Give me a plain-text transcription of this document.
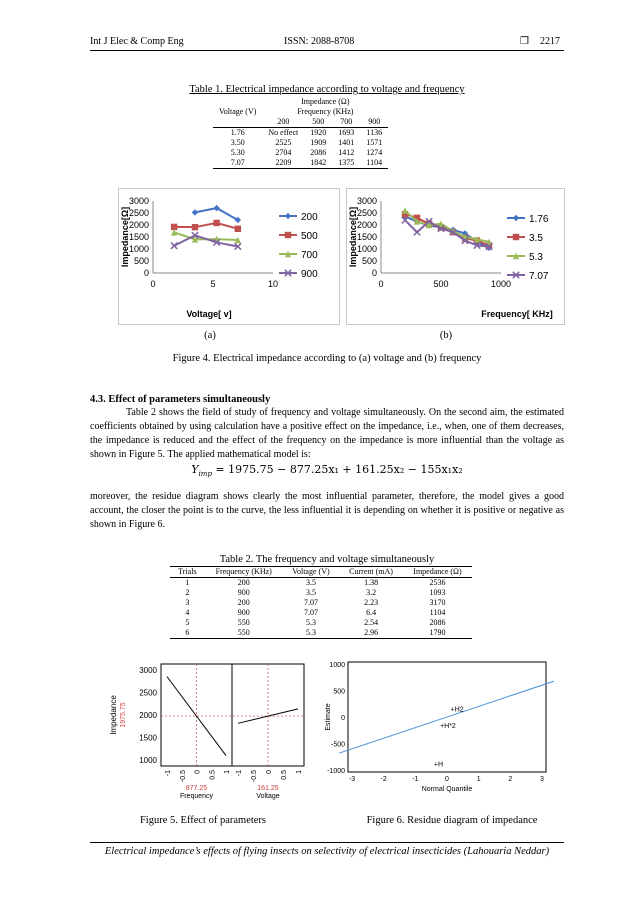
Int J Elec & Comp Eng	ISSN: 2088-8708	❒ 2217
Table 1. Electrical impedance according to voltage and frequency
	Impedance (Ω)			
Voltage (V)	Frequency (KHz)			
	200	500	700	900
1.76	No effect	1920	1693	1136
3.50	2525	1909	1401	1571
5.30	2704	2086	1412	1274
7.07	2209	1842	1375	1104
0
500
1000
1500
2000
2500
3000
0	5	10
Impedance[Ω]
Voltage[ v]
200
500
700
900	0
500
1000
1500
2000
2500
3000
0	500	1000
Impedance[Ω]
Frequency[ KHz]
1.76
3.5
5.3
7.07
(a)	(b)
Figure 4. Electrical impedance according to (a) voltage and (b) frequency
4.3. Effect of parameters simultaneously
Table 2 shows the field of study of frequency and voltage simultaneously. On the second aim, the estimated coefficients obtained by using calculation have a positive effect on the impedance, i.e., when, one of them decreases, the impedance is reduced and the effect of the frequency on the impedance is more influential than the voltage as shown in Figure 5. The applied mathematical model is:
$Y_{imp} = 1975.75 - 877.25x_1 + 161.25x_2 - 155x_1x_2$
moreover, the residue diagram shows clearly the most influential parameter, therefore, the model gives a good account, the closer the point is to the curve, the less influential it is depending on whether it is positive or negative as shown in Figure 6.
Table 2. The frequency and voltage simultaneously
Trials	Frequency (KHz)	Voltage (V)	Current (mA)	Impedance (Ω)
1	200	3.5	1.38	2536
2	900	3.5	3.2	1093
3	200	7.07	2.23	3170
4	900	7.07	6.4	1104
5	550	5.3	2.54	2086
6	550	5.3	2.96	1790
1000
1500
2000
2500
3000
Impedance 1975.75
-1 -0.5 0 0.5 1
877.25
Frequency
-1 -0.5 0 0.5 1
161.25
Voltage
-1000
-500
0
500
1000
-3	-2	-1	0	1	2	3
Estimate
Normal Quantile
+H
+H*2
+H2
Figure 5. Effect of parameters	Figure 6. Residue diagram of impedance
Electrical impedance’s effects of flying insects on selectivity of electrical insecticides (Lahouaria Neddar)
